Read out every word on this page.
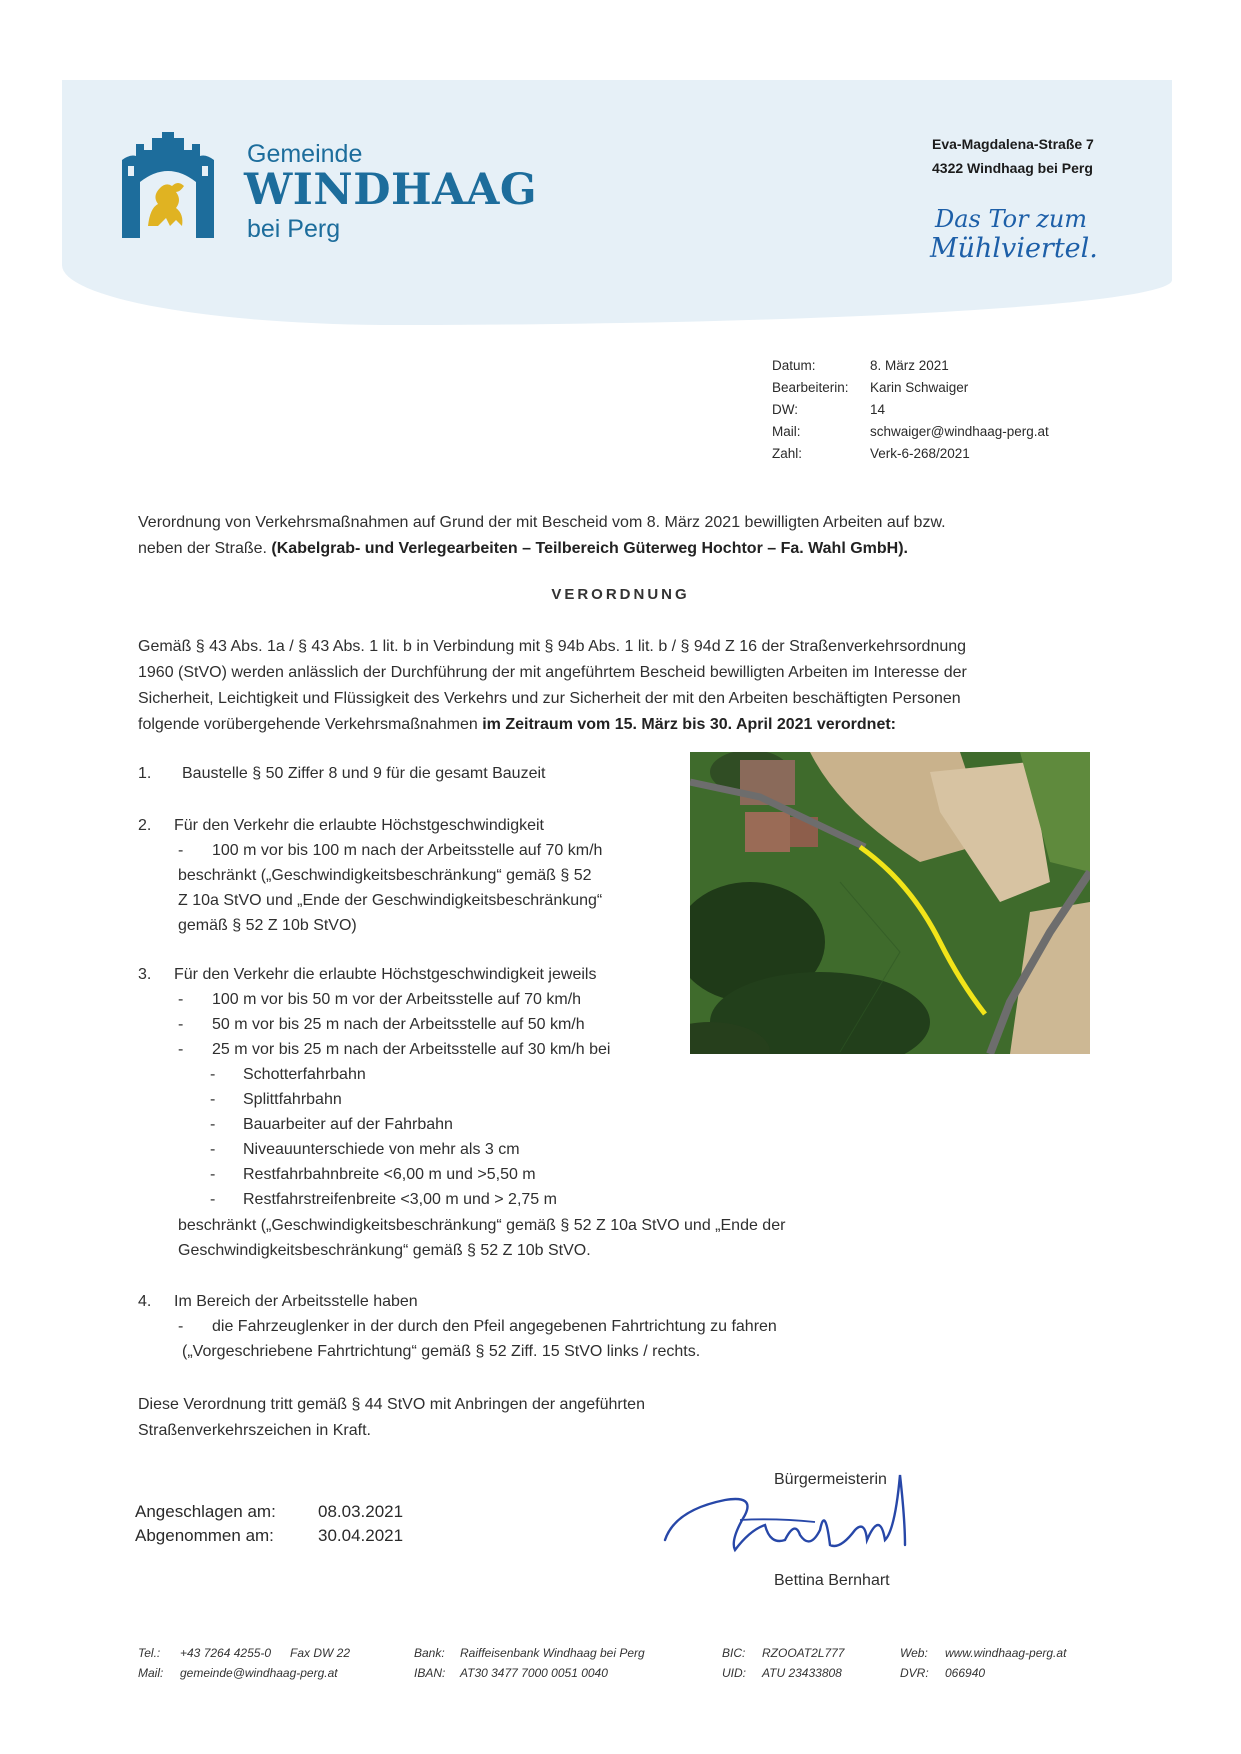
Gemeinde
WINDHAAG
bei Perg
Eva-Magdalena-Straße 7
4322 Windhaag bei Perg
Das Tor zum
Mühlviertel.
Datum:	8. März 2021
Bearbeiterin: Karin Schwaiger
DW:	14
Mail:	schwaiger@windhaag-perg.at
Zahl:	Verk-6-268/2021
Verordnung von Verkehrsmaßnahmen auf Grund der mit Bescheid vom 8. März 2021 bewilligten Arbeiten auf bzw.
neben der Straße. (Kabelgrab- und Verlegearbeiten – Teilbereich Güterweg Hochtor – Fa. Wahl GmbH).
VERORDNUNG
Gemäß § 43 Abs. 1a / § 43 Abs. 1 lit. b in Verbindung mit § 94b Abs. 1 lit. b / § 94d Z 16 der Straßenverkehrsordnung
1960 (StVO) werden anlässlich der Durchführung der mit angeführtem Bescheid bewilligten Arbeiten im Interesse der
Sicherheit, Leichtigkeit und Flüssigkeit des Verkehrs und zur Sicherheit der mit den Arbeiten beschäftigten Personen
folgende vorübergehende Verkehrsmaßnahmen im Zeitraum vom 15. März bis 30. April 2021 verordnet:
1. Baustelle § 50 Ziffer 8 und 9 für die gesamt Bauzeit
2. Für den Verkehr die erlaubte Höchstgeschwindigkeit
- 100 m vor bis 100 m nach der Arbeitsstelle auf 70 km/h
beschränkt („Geschwindigkeitsbeschränkung“ gemäß § 52
Z 10a StVO und „Ende der Geschwindigkeitsbeschränkung“
gemäß § 52 Z 10b StVO)
3. Für den Verkehr die erlaubte Höchstgeschwindigkeit jeweils
- 100 m vor bis 50 m vor der Arbeitsstelle auf 70 km/h
- 50 m vor bis 25 m nach der Arbeitsstelle auf 50 km/h
- 25 m vor bis 25 m nach der Arbeitsstelle auf 30 km/h bei
- Schotterfahrbahn
- Splittfahrbahn
- Bauarbeiter auf der Fahrbahn
- Niveauunterschiede von mehr als 3 cm
- Restfahrbahnbreite <6,00 m und >5,50 m
- Restfahrstreifenbreite <3,00 m und > 2,75 m
beschränkt („Geschwindigkeitsbeschränkung“ gemäß § 52 Z 10a StVO und „Ende der
Geschwindigkeitsbeschränkung“ gemäß § 52 Z 10b StVO.
4. Im Bereich der Arbeitsstelle haben
- die Fahrzeuglenker in der durch den Pfeil angegebenen Fahrtrichtung zu fahren
(„Vorgeschriebene Fahrtrichtung“ gemäß § 52 Ziff. 15 StVO links / rechts.
Diese Verordnung tritt gemäß § 44 StVO mit Anbringen der angeführten
Straßenverkehrszeichen in Kraft.
Bürgermeisterin
Bettina Bernhart
Angeschlagen am: 08.03.2021
Abgenommen am:	30.04.2021
Tel.: +43 7264 4255-0 Fax DW 22
Mail: gemeinde@windhaag-perg.at
Bank: Raiffeisenbank Windhaag bei Perg
IBAN: AT30 3477 7000 0051 0040
BIC: RZOOAT2L777
UID: ATU 23433808
Web: www.windhaag-perg.at
DVR: 066940
